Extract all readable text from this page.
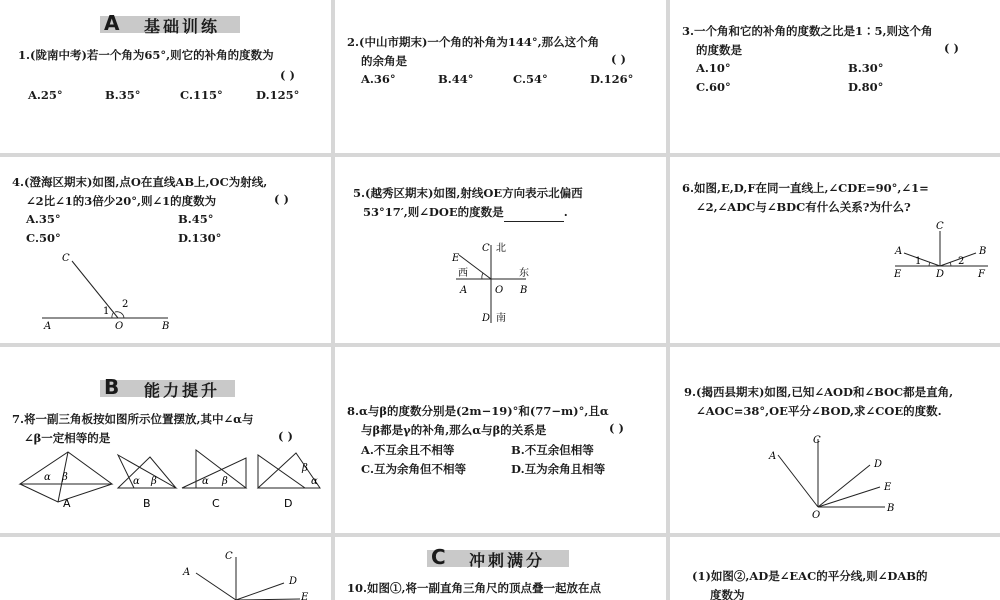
A 基础训练
1.(陇南中考)若一个角为65°,则它的补角的度数为
( )
A.25°	B.35°	C.115°	D.125°
2.(中山市期末)一个角的补角为144°,那么这个角
的余角是	( )
A.36°	B.44°	C.54°	D.126°
3.一个角和它的补角的度数之比是1∶5,则这个角
的度数是	( )
A.10°	B.30°
C.60°	D.80°
4.(澄海区期末)如图,点O在直线AB上,OC为射线,
∠2比∠1的3倍少20°,则∠1的度数为	( )
A.35°	B.45°
C.50°	D.130°
C
A	O	B
1
2
5.(越秀区期末)如图,射线OE方向表示北偏西
53°17′,则∠DOE的度数是	.
E
C 北
西	东
A	O B
D 南
6.如图,E,D,F在同一直线上,∠CDE=90°,∠1=
∠2,∠ADC与∠BDC有什么关系?为什么?
C
A	B
E	D	F
1	2
B 能力提升
7.将一副三角板按如图所示位置摆放,其中∠α与
∠β一定相等的是	( )
α β
A
α β
B
α β
C
β
α
D
8.α与β的度数分别是(2m−19)°和(77−m)°,且α
与β都是γ的补角,那么α与β的关系是	( )
A.不互余且不相等	B.不互余但相等
C.互为余角但不相等	D.互为余角且相等
9.(揭西县期末)如图,已知∠AOD和∠BOC都是直角,
∠AOC=38°,OE平分∠BOD,求∠COE的度数.
A
C
D
E
O
B
C
A
D
E
C 冲刺满分
10.如图①,将一副直角三角尺的顶点叠一起放在点
(1)如图②,AD是∠EAC的平分线,则∠DAB的
度数为
